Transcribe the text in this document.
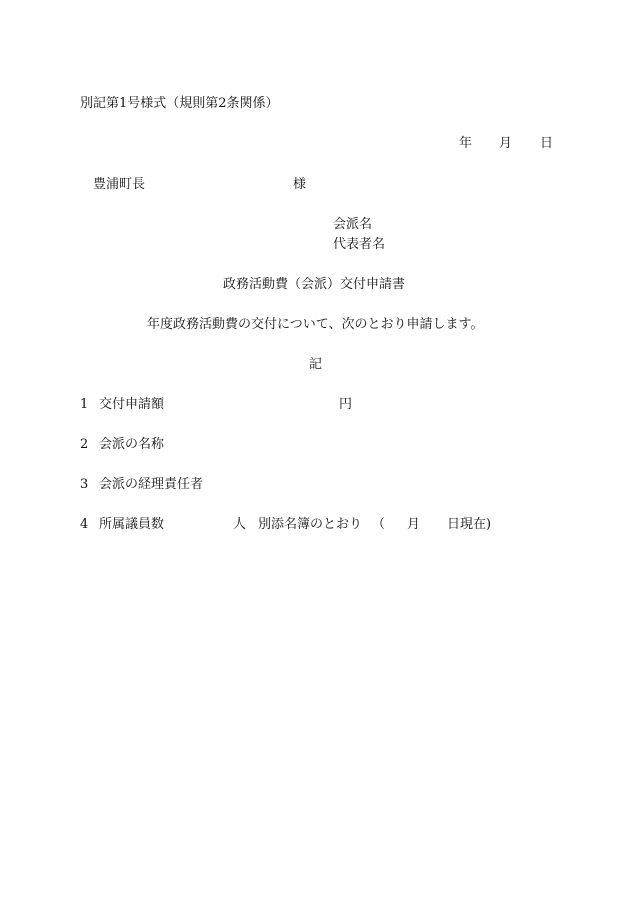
別記第1号様式（規則第2条関係）
年 月 日
豊浦町長	様
会派名
代表者名
政務活動費（会派）交付申請書
年度政務活動費の交付について、次のとおり申請します。
記
1 交付申請額	円
2 会派の名称
3 会派の経理責任者
4 所属議員数	人 別添名簿のとおり （ 月 日現在)
